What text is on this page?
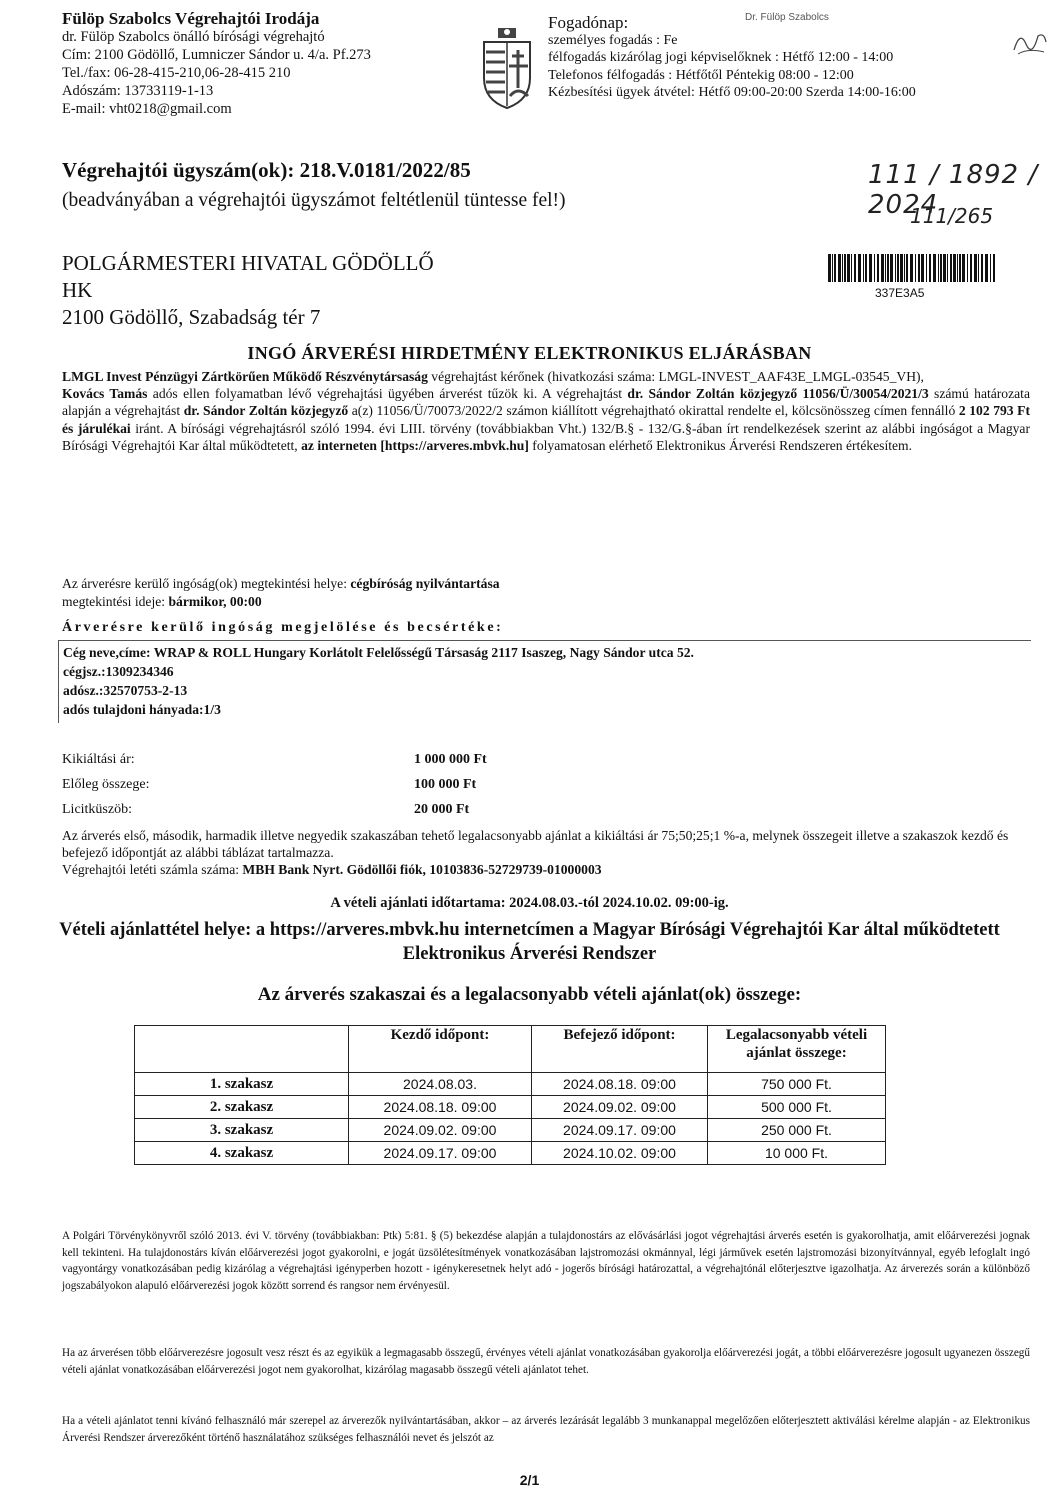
Fülöp Szabolcs Végrehajtói Irodája
dr. Fülöp Szabolcs önálló bírósági végrehajtó
Cím: 2100 Gödöllő, Lumniczer Sándor u. 4/a. Pf.273
Tel./fax: 06-28-415-210,06-28-415 210
Adószám: 13733119-1-13
E-mail: vht0218@gmail.com
Fogadónap:
személyes fogadás : Fe
félfogadás kizárólag jogi képviselőknek : Hétfő 12:00 - 14:00
Telefonos félfogadás : Hétfőtől Péntekig 08:00 - 12:00
Kézbesítési ügyek átvétel: Hétfő 09:00-20:00 Szerda 14:00-16:00
Dr. Fülöp Szabolcs
Végrehajtói ügyszám(ok): 218.V.0181/2022/85
(beadványában a végrehajtói ügyszámot feltétlenül tüntesse fel!)
111 / 1892 / 2024
111/265
POLGÁRMESTERI HIVATAL GÖDÖLLŐ
HK
2100 Gödöllő, Szabadság tér 7
337E3A5
INGÓ ÁRVERÉSI HIRDETMÉNY ELEKTRONIKUS ELJÁRÁSBAN
LMGL Invest Pénzügyi Zártkörűen Működő Részvénytársaság végrehajtást kérőnek (hivatkozási száma: LMGL-INVEST_AAF43E_LMGL-03545_VH),
Kovács Tamás adós ellen folyamatban lévő végrehajtási ügyében árverést tűzök ki. A végrehajtást dr. Sándor Zoltán közjegyző 11056/Ü/30054/2021/3 számú határozata alapján a végrehajtást dr. Sándor Zoltán közjegyző a(z) 11056/Ü/70073/2022/2 számon kiállított végrehajtható okirattal rendelte el, kölcsönösszeg címen fennálló 2 102 793 Ft és járulékai iránt. A bírósági végrehajtásról szóló 1994. évi LIII. törvény (továbbiakban Vht.) 132/B.§ - 132/G.§-ában írt rendelkezések szerint az alábbi ingóságot a Magyar Bírósági Végrehajtói Kar által működtetett, az interneten [https://arveres.mbvk.hu] folyamatosan elérhető Elektronikus Árverési Rendszeren értékesítem.
Az árverésre kerülő ingóság(ok) megtekintési helye: cégbíróság nyilvántartása
megtekintési ideje: bármikor, 00:00
Árverésre kerülő ingóság megjelölése és becsértéke:
Cég neve,címe: WRAP & ROLL Hungary Korlátolt Felelősségű Társaság 2117 Isaszeg, Nagy Sándor utca 52.
cégjsz.:1309234346
adósz.:32570753-2-13
adós tulajdoni hányada:1/3
Kikiáltási ár:	1 000 000 Ft
Előleg összege:	100 000 Ft
Licitküszöb:	20 000 Ft
Az árverés első, második, harmadik illetve negyedik szakaszában tehető legalacsonyabb ajánlat a kikiáltási ár 75;50;25;1 %-a, melynek összegeit illetve a szakaszok kezdő és befejező időpontját az alábbi táblázat tartalmazza.
Végrehajtói letéti számla száma: MBH Bank Nyrt. Gödöllői fiók, 10103836-52729739-01000003
A vételi ajánlati időtartama: 2024.08.03.-tól 2024.10.02. 09:00-ig.
Vételi ajánlattétel helye: a https://arveres.mbvk.hu internetcímen a Magyar Bírósági Végrehajtói Kar által működtetett Elektronikus Árverési Rendszer
Az árverés szakaszai és a legalacsonyabb vételi ajánlat(ok) összege:
	Kezdő időpont:	Befejező időpont:	Legalacsonyabb vételi ajánlat összege:
1. szakasz	2024.08.03.	2024.08.18. 09:00	750 000 Ft.
2. szakasz	2024.08.18. 09:00	2024.09.02. 09:00	500 000 Ft.
3. szakasz	2024.09.02. 09:00	2024.09.17. 09:00	250 000 Ft.
4. szakasz	2024.09.17. 09:00	2024.10.02. 09:00	10 000 Ft.
A Polgári Törvénykönyvről szóló 2013. évi V. törvény (továbbiakban: Ptk) 5:81. § (5) bekezdése alapján a tulajdonostárs az elővásárlási jogot végrehajtási árverés esetén is gyakorolhatja, amit előárverezési jognak kell tekinteni. Ha tulajdonostárs kíván előárverezési jogot gyakorolni, e jogát üzsölétesítmények vonatkozásában lajstromozási okmánnyal, légi járművek esetén lajstromozási bizonyítvánnyal, egyéb lefoglalt ingó vagyontárgy vonatkozásában pedig kizárólag a végrehajtási igényperben hozott - igénykeresetnek helyt adó - jogerős bírósági határozattal, a végrehajtónál előterjesztve igazolhatja. Az árverezés során a különböző jogszabályokon alapuló előárverezési jogok között sorrend és rangsor nem érvényesül.
Ha az árverésen több előárverezésre jogosult vesz részt és az egyikük a legmagasabb összegű, érvényes vételi ajánlat vonatkozásában gyakorolja előárverezési jogát, a többi előárverezésre jogosult ugyanezen összegű vételi ajánlat vonatkozásában előárverezési jogot nem gyakorolhat, kizárólag magasabb összegű vételi ajánlatot tehet.
Ha a vételi ajánlatot tenni kívánó felhasználó már szerepel az árverezők nyilvántartásában, akkor – az árverés lezárását legalább 3 munkanappal megelőzően előterjesztett aktiválási kérelme alapján - az Elektronikus Árverési Rendszer árverezőként történő használatához szükséges felhasználói nevet és jelszót az
2/1
